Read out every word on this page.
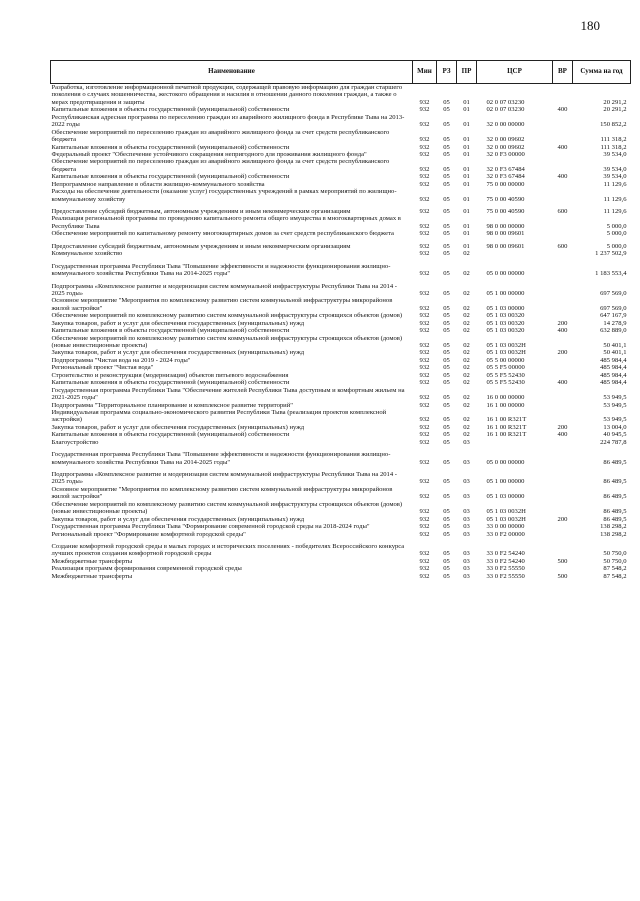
180
Наименование	Мин	РЗ	ПР	ЦСР	ВР	Сумма на год
Разработка, изготовление информационной печатной продукции, содержащей правовую информацию для граждан старшего поколения о случаях мошенничества, жестокого обращения и насилия в отношении данного поколения граждан, а также о мерах предотвращения и защиты	932	05	01	02 0 07 03230		20 291,2
Капитальные вложения в объекты государственной (муниципальной) собственности	932	05	01	02 0 07 03230	400	20 291,2
Республиканская адресная программа по переселению граждан из аварийного жилищного фонда в Республике Тыва на 2013-2022 годы	932	05	01	32 0 00 00000		150 852,2
Обеспечение мероприятий по переселению граждан из аварийного жилищного фонда за счет средств республиканского бюджета	932	05	01	32 0 00 09602		111 318,2
Капитальные вложения в объекты государственной (муниципальной) собственности	932	05	01	32 0 00 09602	400	111 318,2
Федеральный проект "Обеспечение устойчивого сокращения непригодного для проживания жилищного фонда"	932	05	01	32 0 F3 00000		39 534,0
Обеспечение мероприятий по переселению граждан из аварийного жилищного фонда за счет средств республиканского бюджета	932	05	01	32 0 F3 67484		39 534,0
Капитальные вложения в объекты государственной (муниципальной) собственности	932	05	01	32 0 F3 67484	400	39 534,0
Непрограммное направление в области жилищно-коммунального хозяйства	932	05	01	75 0 00 00000		11 129,6
Расходы на обеспечение деятельности (оказание услуг) государственных учреждений в рамках мероприятий по жилищно-коммунальному хозяйству	932	05	01	75 0 00 40590		11 129,6
Предоставление субсидий бюджетным, автономным учреждениям и иным некоммерческим организациям	932	05	01	75 0 00 40590	600	11 129,6
Реализация региональной программы по проведению капитального ремонта общего имущества в многоквартирных домах в Республике Тыва	932	05	01	98 0 00 00000		5 000,0
Обеспечение мероприятий по капитальному ремонту многоквартирных домов за счет средств республиканского бюджета	932	05	01	98 0 00 09601		5 000,0
Предоставление субсидий бюджетным, автономным учреждениям и иным некоммерческим организациям	932	05	01	98 0 00 09601	600	5 000,0
Коммунальное хозяйство	932	05	02			1 237 502,9
Государственная программа Республики Тыва "Повышение эффективности и надежности функционирования жилищно-коммунального хозяйства Республики Тыва на 2014-2025 годы"	932	05	02	05 0 00 00000		1 183 553,4
Подпрограмма «Комплексное развитие и модернизация систем коммунальной инфраструктуры Республики Тыва на 2014 - 2025 годы»	932	05	02	05 1 00 00000		697 569,0
Основное мероприятие "Мероприятия по комплексному развитию систем коммунальной инфраструктуры микрорайонов жилой застройки"	932	05	02	05 1 03 00000		697 569,0
Обеспечение мероприятий по комплексному развитию систем коммунальной инфраструктуры строящихся объектов (домов)	932	05	02	05 1 03 00320		647 167,9
Закупка товаров, работ и услуг для обеспечения государственных (муниципальных) нужд	932	05	02	05 1 03 00320	200	14 278,9
Капитальные вложения в объекты государственной (муниципальной) собственности	932	05	02	05 1 03 00320	400	632 889,0
Обеспечение мероприятий по комплексному развитию систем коммунальной инфраструктуры строящихся объектов (домов) (новые инвестиционные проекты)	932	05	02	05 1 03 0032Н		50 401,1
Закупка товаров, работ и услуг для обеспечения государственных (муниципальных) нужд	932	05	02	05 1 03 0032Н	200	50 401,1
Подпрограмма "Чистая вода на 2019 - 2024 годы"	932	05	02	05 5 00 00000		485 984,4
Региональный проект "Чистая вода"	932	05	02	05 5 F5 00000		485 984,4
Строительство и реконструкция (модернизация) объектов питьевого водоснабжения	932	05	02	05 5 F5 52430		485 984,4
Капитальные вложения в объекты государственной (муниципальной) собственности	932	05	02	05 5 F5 52430	400	485 984,4
Государственная программа Республики Тыва "Обеспечение жителей Республики Тыва доступным и комфортным жильем на 2021-2025 годы"	932	05	02	16 0 00 00000		53 949,5
Подпрограмма "Территориальное планирование и комплексное развитие территорий"	932	05	02	16 1 00 00000		53 949,5
Индивидуальная программа социально-экономического развития Республики Тыва (реализация проектов комплексной застройки)	932	05	02	16 1 00 R321T		53 949,5
Закупка товаров, работ и услуг для обеспечения государственных (муниципальных) нужд	932	05	02	16 1 00 R321T	200	13 004,0
Капитальные вложения в объекты государственной (муниципальной) собственности	932	05	02	16 1 00 R321T	400	40 945,5
Благоустройство	932	05	03			224 787,8
Государственная программа Республики Тыва "Повышение эффективности и надежности функционирования жилищно-коммунального хозяйства Республики Тыва на 2014-2025 годы"	932	05	03	05 0 00 00000		86 489,5
Подпрограмма «Комплексное развитие и модернизация систем коммунальной инфраструктуры Республики Тыва на 2014 - 2025 годы»	932	05	03	05 1 00 00000		86 489,5
Основное мероприятие "Мероприятия по комплексному развитию систем коммунальной инфраструктуры микрорайонов жилой застройки"	932	05	03	05 1 03 00000		86 489,5
Обеспечение мероприятий по комплексному развитию систем коммунальной инфраструктуры строящихся объектов (домов) (новые инвестиционные проекты)	932	05	03	05 1 03 0032Н		86 489,5
Закупка товаров, работ и услуг для обеспечения государственных (муниципальных) нужд	932	05	03	05 1 03 0032Н	200	86 489,5
Государственная программа Республики Тыва "Формирование современной городской среды на 2018-2024 годы"	932	05	03	33 0 00 00000		138 298,2
Региональный проект "Формирование комфортной городской среды"	932	05	03	33 0 F2 00000		138 298,2
Создание комфортной городской среды в малых городах и исторических поселениях - победителях Всероссийского конкурса лучших проектов создания комфортной городской среды	932	05	03	33 0 F2 54240		50 750,0
Межбюджетные трансферты	932	05	03	33 0 F2 54240	500	50 750,0
Реализация программ формирования современной городской среды	932	05	03	33 0 F2 55550		87 548,2
Межбюджетные трансферты	932	05	03	33 0 F2 55550	500	87 548,2
